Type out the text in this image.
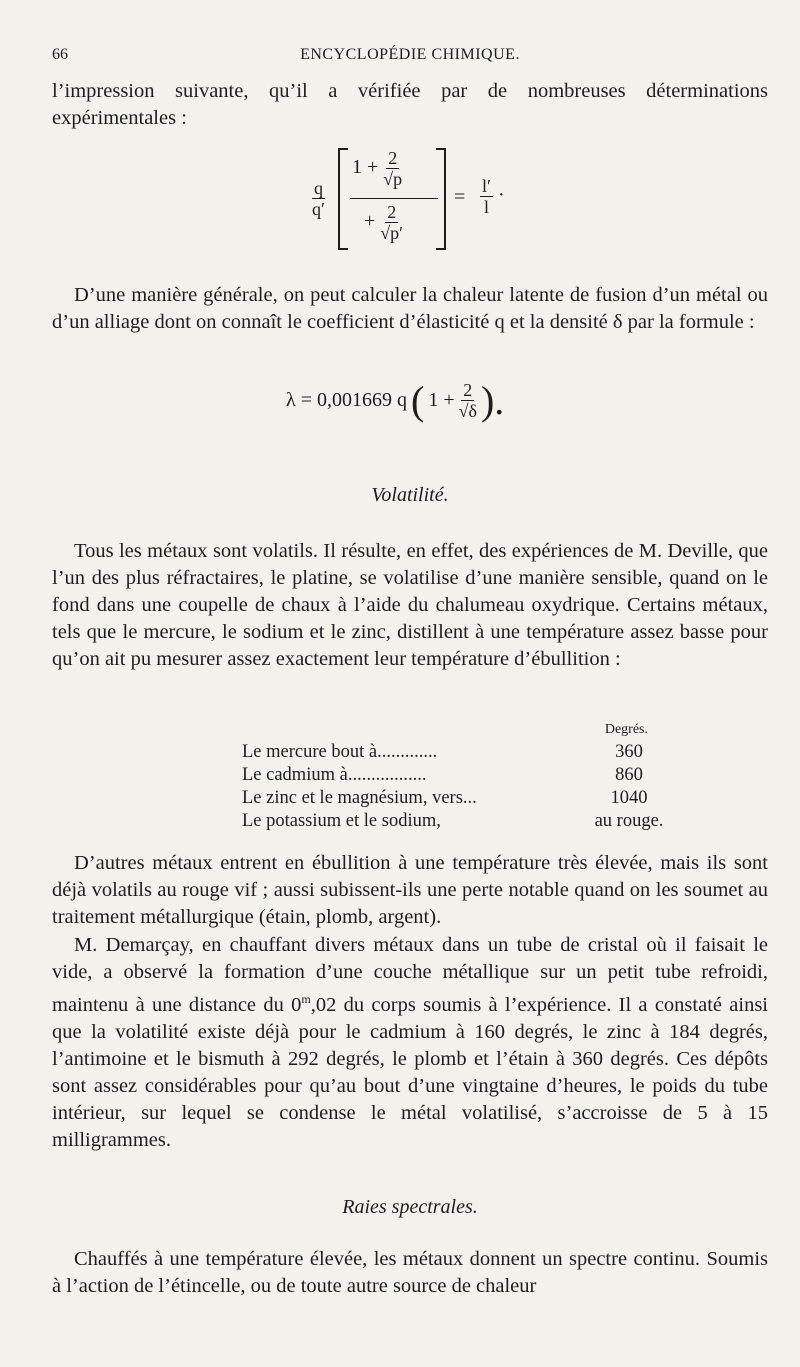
66	ENCYCLOPÉDIE CHIMIQUE.

l’impression suivante, qu’il a vérifiée par de nombreuses déterminations expérimentales :

$\frac{q}{q'}$
$1 + \frac{2}{√p}$
+ $\frac{2}{√p'}$
= $\frac{l'}{l}$ ·

D’une manière générale, on peut calculer la chaleur latente de fusion d’un métal ou d’un alliage dont on connaît le coefficient d’élasticité q et la densité δ par la formule :

λ = 0,001669 q ( $1 + \frac{2}{√\delta}$ ).
Volatilité.

Tous les métaux sont volatils. Il résulte, en effet, des expériences de M. Deville, que l’un des plus réfractaires, le platine, se volatilise d’une manière sensible, quand on le fond dans une coupelle de chaux à l’aide du chalumeau oxydrique. Certains métaux, tels que le mercure, le sodium et le zinc, distillent à une température assez basse pour qu’on ait pu mesurer assez exactement leur température d’ébullition :

Degrés.
Le mercure bout à.............	360
Le cadmium à.................	860
Le zinc et le magnésium, vers...	1040
Le potassium et le sodium,	au rouge.

D’autres métaux entrent en ébullition à une température très élevée, mais ils sont déjà volatils au rouge vif ; aussi subissent-ils une perte notable quand on les soumet au traitement métallurgique (étain, plomb, argent).

M. Demarçay, en chauffant divers métaux dans un tube de cristal où il faisait le vide, a observé la formation d’une couche métallique sur un petit tube refroidi, maintenu à une distance du 0$^m$,02 du corps soumis à l’expérience. Il a constaté ainsi que la volatilité existe déjà pour le cadmium à 160 degrés, le zinc à 184 degrés, l’antimoine et le bismuth à 292 degrés, le plomb et l’étain à 360 degrés. Ces dépôts sont assez considérables pour qu’au bout d’une vingtaine d’heures, le poids du tube intérieur, sur lequel se condense le métal volatilisé, s’accroisse de 5 à 15 milligrammes.

Raies spectrales.

Chauffés à une température élevée, les métaux donnent un spectre continu. Soumis à l’action de l’étincelle, ou de toute autre source de chaleur
